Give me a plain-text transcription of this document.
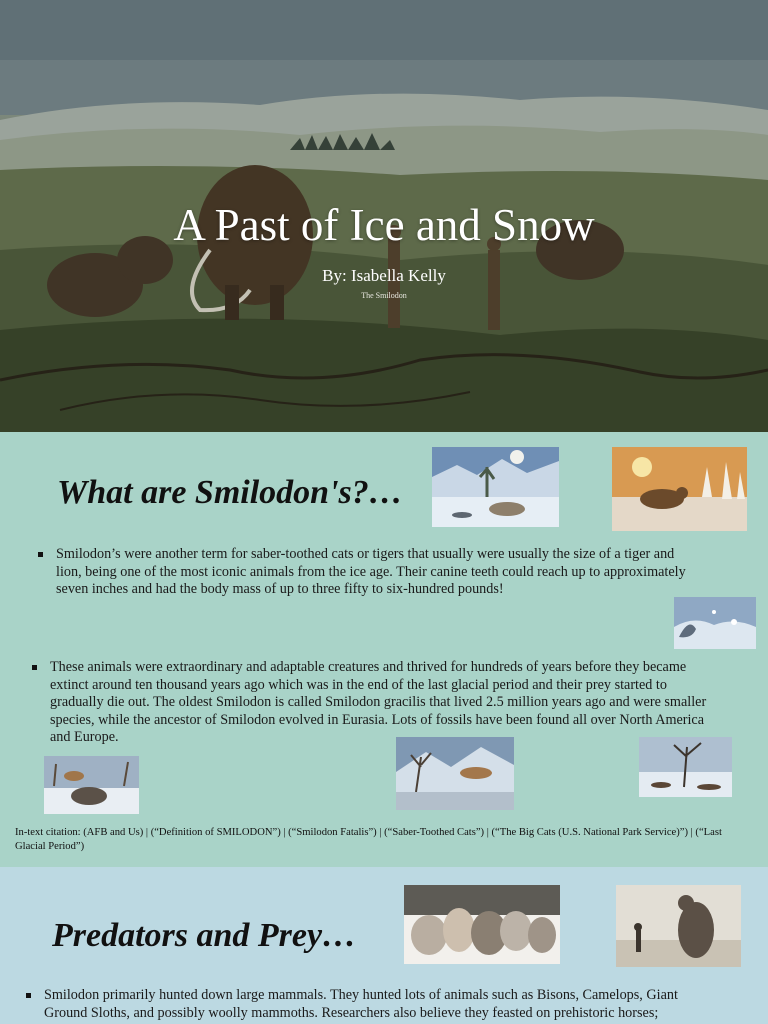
A Past of Ice and Snow
By: Isabella Kelly
The Smilodon
What are Smilodon's?…
Smilodon’s were another term for saber-toothed cats or tigers that usually were usually the size of a tiger and lion, being one of the most iconic animals from the ice age. Their canine teeth could reach up to approximately seven inches and had the body mass of up to three fifty to six-hundred pounds!
These animals were extraordinary and adaptable creatures and thrived for hundreds of years before they became extinct around ten thousand years ago which was in the end of the last glacial period and their prey started to gradually die out. The oldest Smilodon is called Smilodon gracilis that lived 2.5 million years ago and were smaller species, while the ancestor of Smilodon evolved in Eurasia. Lots of fossils have been found all over North America and Europe.

In-text citation: (AFB and Us) | (“Definition of SMILODON”) | (“Smilodon Fatalis”) | (“Saber-Toothed Cats”) | (“The Big Cats (U.S. National Park Service)”) | (“Last Glacial Period”)

Predators and Prey…
Smilodon primarily hunted down large mammals. They hunted lots of animals such as Bisons, Camelops, Giant Ground Sloths, and possibly woolly mammoths. Researchers also believe they feasted on prehistoric horses;
